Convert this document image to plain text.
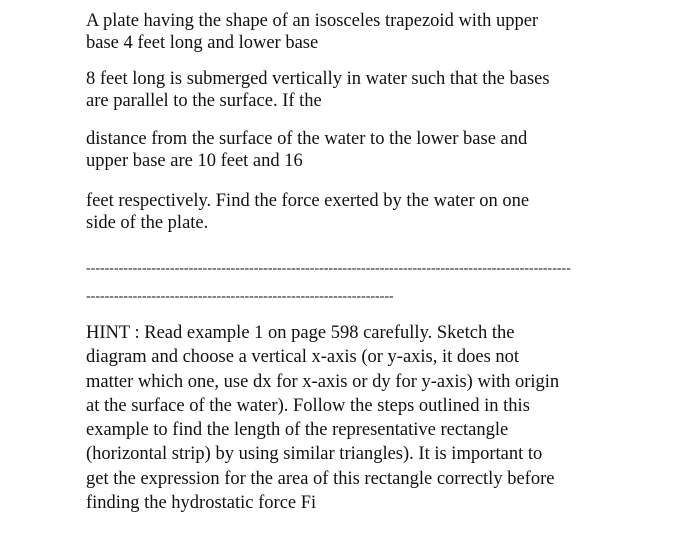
A plate having the shape of an isosceles trapezoid with upper
base 4 feet long and lower base

8 feet long is submerged vertically in water such that the bases
are parallel to the surface. If the

distance from the surface of the water to the lower base and
upper base are 10 feet and 16

feet respectively. Find the force exerted by the water on one
side of the plate.

--------------------------------------------------------------------------------------------------------

------------------------------------------------------------------

HINT : Read example 1 on page 598 carefully. Sketch the
diagram and choose a vertical x-axis (or y-axis, it does not
matter which one, use dx for x-axis or dy for y-axis) with origin
at the surface of the water). Follow the steps outlined in this
example to find the length of the representative rectangle
(horizontal strip) by using similar triangles). It is important to
get the expression for the area of this rectangle correctly before
finding the hydrostatic force Fi
